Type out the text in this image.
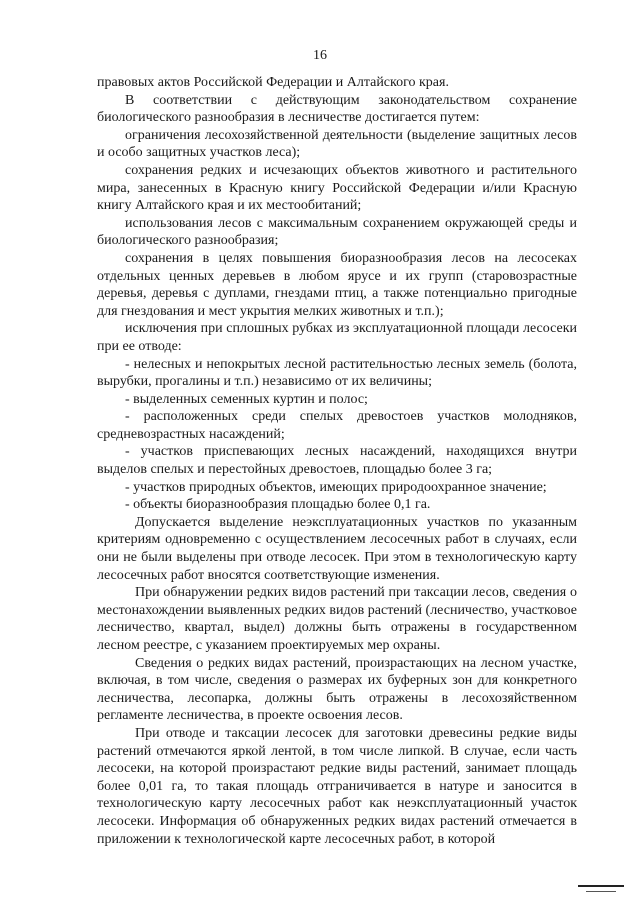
16

правовых актов Российской Федерации и Алтайского края.

В соответствии с действующим законодательством сохранение биологического разнообразия в лесничестве достигается путем:

ограничения лесохозяйственной деятельности (выделение защитных лесов и особо защитных участков леса);

сохранения редких и исчезающих объектов животного и растительного мира, занесенных в Красную книгу Российской Федерации и/или Красную книгу Алтайского края и их местообитаний;

использования лесов с максимальным сохранением окружающей среды и биологического разнообразия;

сохранения в целях повышения биоразнообразия лесов на лесосеках отдельных ценных деревьев в любом ярусе и их групп (старовозрастные деревья, деревья с дуплами, гнездами птиц, а также потенциально пригодные для гнездования и мест укрытия мелких животных и т.п.);

исключения при сплошных рубках из эксплуатационной площади лесосеки при ее отводе:

- нелесных и непокрытых лесной растительностью лесных земель (болота, вырубки, прогалины и т.п.) независимо от их величины;

- выделенных семенных куртин и полос;

- расположенных среди спелых древостоев участков молодняков, средневозрастных насаждений;

- участков приспевающих лесных насаждений, находящихся внутри выделов спелых и перестойных древостоев, площадью более 3 га;

- участков природных объектов, имеющих природоохранное значение;

- объекты биоразнообразия площадью более 0,1 га.

Допускается выделение неэксплуатационных участков по указанным критериям одновременно с осуществлением лесосечных работ в случаях, если они не были выделены при отводе лесосек. При этом в технологическую карту лесосечных работ вносятся соответствующие изменения.

При обнаружении редких видов растений при таксации лесов, сведения о местонахождении выявленных редких видов растений (лесничество, участковое лесничество, квартал, выдел) должны быть отражены в государственном лесном реестре, с указанием проектируемых мер охраны.

Сведения о редких видах растений, произрастающих на лесном участке, включая, в том числе, сведения о размерах их буферных зон для конкретного лесничества, лесопарка, должны быть отражены в лесохозяйственном регламенте лесничества, в проекте освоения лесов.

При отводе и таксации лесосек для заготовки древесины редкие виды растений отмечаются яркой лентой, в том числе липкой. В случае, если часть лесосеки, на которой произрастают редкие виды растений, занимает площадь более 0,01 га, то такая площадь отграничивается в натуре и заносится в технологическую карту лесосечных работ как неэксплуатационный участок лесосеки. Информация об обнаруженных редких видах растений отмечается в приложении к технологической карте лесосечных работ, в которой
